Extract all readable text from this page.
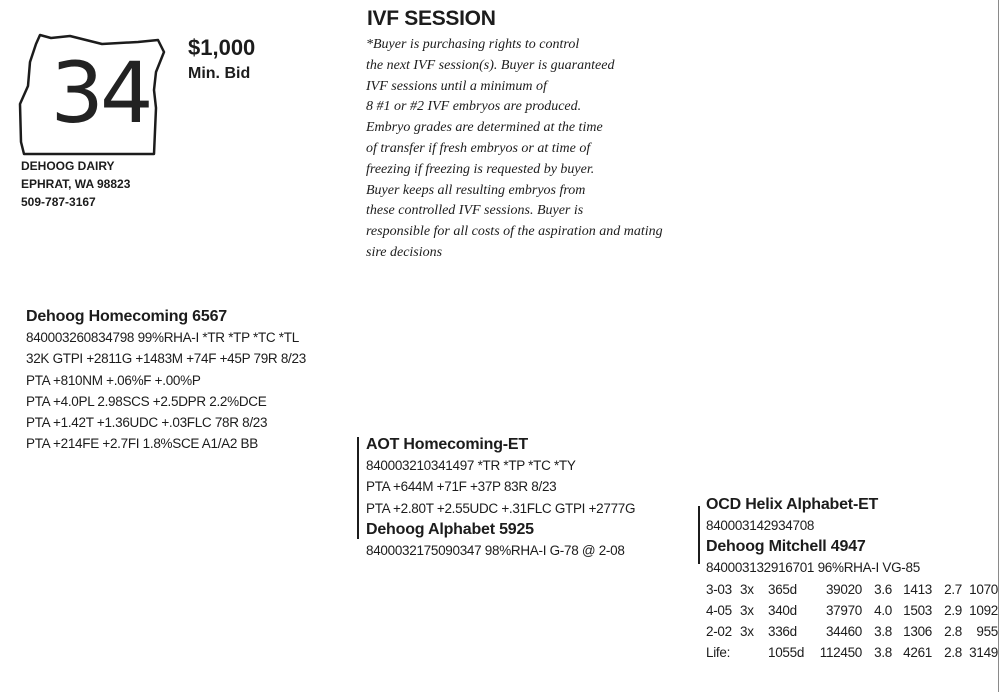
34	$1,000
Min. Bid
DEHOOG DAIRY
EPHRAT, WA 98823
509-787-3167
IVF SESSION
*Buyer is purchasing rights to control
the next IVF session(s). Buyer is guaranteed
IVF sessions until a minimum of
8 #1 or #2 IVF embryos are produced.
Embryo grades are determined at the time
of transfer if fresh embryos or at time of
freezing if freezing is requested by buyer.
Buyer keeps all resulting embryos from
these controlled IVF sessions. Buyer is
responsible for all costs of the aspiration and mating
sire decisions
Dehoog Homecoming 6567
840003260834798 99%RHA-I *TR *TP *TC *TL
32K GTPI +2811G +1483M +74F +45P 79R 8/23
PTA +810NM +.06%F +.00%P
PTA +4.0PL 2.98SCS +2.5DPR 2.2%DCE
PTA +1.42T +1.36UDC +.03FLC 78R 8/23
PTA +214FE +2.7FI 1.8%SCE A1/A2 BB	AOT Homecoming-ET
840003210341497 *TR *TP *TC *TY
PTA +644M +71F +37P 83R 8/23
PTA +2.80T +2.55UDC +.31FLC GTPI +2777G
Dehoog Alphabet 5925
8400032175090347 98%RHA-I G-78 @ 2-08
OCD Helix Alphabet-ET
840003142934708
Dehoog Mitchell 4947
840003132916701 96%RHA-I VG-85
3-03	3x	365d	39020	3.6	1413	2.7	1070
4-05	3x	340d	37970	4.0	1503	2.9	1092
2-02	3x	336d	34460	3.8	1306	2.8	955
Life:		1055d	112450	3.8	4261	2.8	3149
